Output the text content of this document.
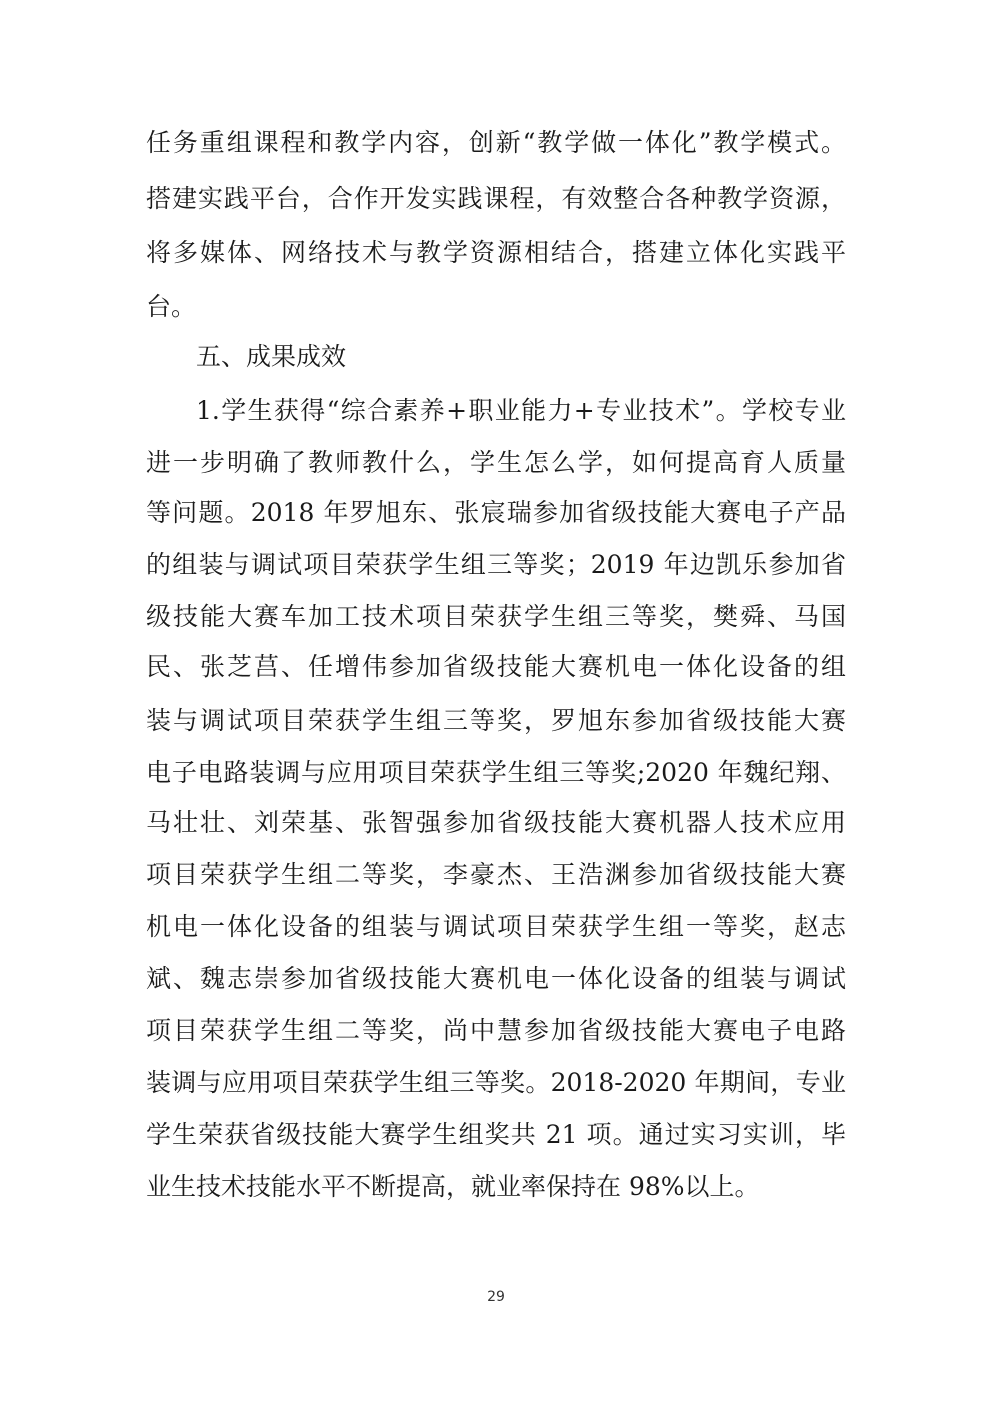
任务重组课程和教学内容，创新“教学做一体化”教学模式。
搭建实践平台，合作开发实践课程，有效整合各种教学资源，
将多媒体、网络技术与教学资源相结合，搭建立体化实践平
台。
五、成果成效
1.学生获得“综合素养+职业能力+专业技术”。学校专业
进一步明确了教师教什么，学生怎么学，如何提高育人质量
等问题。2018 年罗旭东、张宸瑞参加省级技能大赛电子产品
的组装与调试项目荣获学生组三等奖；2019 年边凯乐参加省
级技能大赛车加工技术项目荣获学生组三等奖，樊舜、马国
民、张芝莒、任增伟参加省级技能大赛机电一体化设备的组
装与调试项目荣获学生组三等奖，罗旭东参加省级技能大赛
电子电路装调与应用项目荣获学生组三等奖;2020 年魏纪翔、
马壮壮、刘荣基、张智强参加省级技能大赛机器人技术应用
项目荣获学生组二等奖，李豪杰、王浩渊参加省级技能大赛
机电一体化设备的组装与调试项目荣获学生组一等奖，赵志
斌、魏志崇参加省级技能大赛机电一体化设备的组装与调试
项目荣获学生组二等奖，尚中慧参加省级技能大赛电子电路
装调与应用项目荣获学生组三等奖。2018-2020 年期间，专业
学生荣获省级技能大赛学生组奖共 21 项。通过实习实训，毕
业生技术技能水平不断提高，就业率保持在 98%以上。
29
